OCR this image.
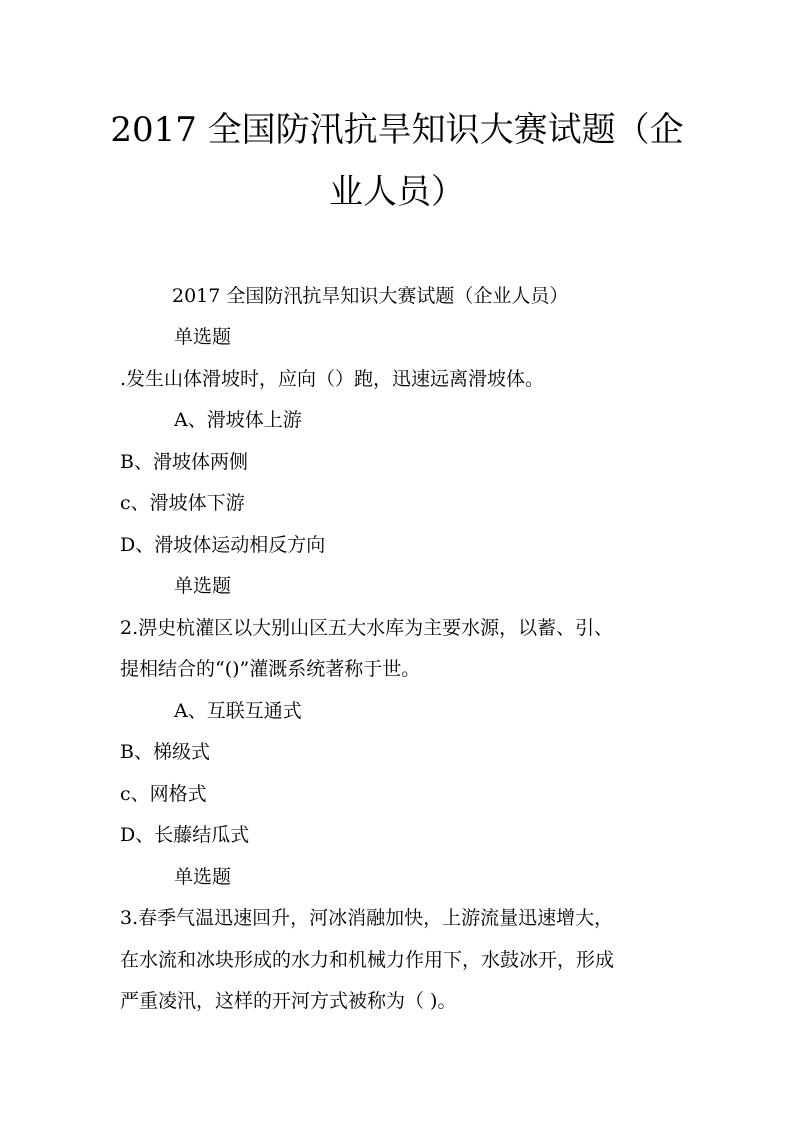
2017 全国防汛抗旱知识大赛试题（企
业人员）
2017 全国防汛抗旱知识大赛试题（企业人员）
单选题
.发生山体滑坡时，应向（）跑，迅速远离滑坡体。
A、滑坡体上游
B、滑坡体两侧
c、滑坡体下游
D、滑坡体运动相反方向
单选题
2.淠史杭灌区以大别山区五大水库为主要水源，以蓄、引、
提相结合的“()”灌溉系统著称于世。
A、互联互通式
B、梯级式
c、网格式
D、长藤结瓜式
单选题
3.春季气温迅速回升，河冰消融加快，上游流量迅速增大，
在水流和冰块形成的水力和机械力作用下，水鼓冰开，形成
严重凌汛，这样的开河方式被称为（ )。
